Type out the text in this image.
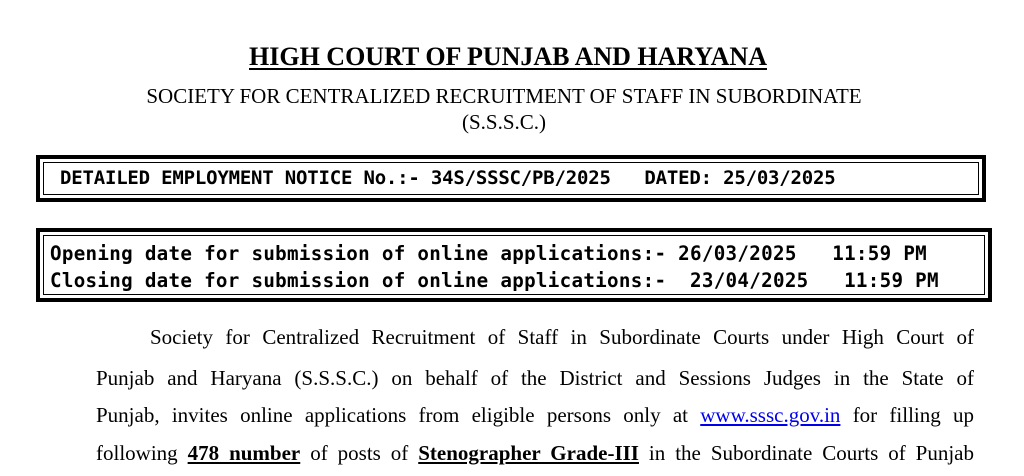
HIGH COURT OF PUNJAB AND HARYANA
SOCIETY FOR CENTRALIZED RECRUITMENT OF STAFF IN SUBORDINATE
(S.S.S.C.)
DETAILED EMPLOYMENT NOTICE No.:- 34S/SSSC/PB/2025   DATED: 25/03/2025
Opening date for submission of online applications:- 26/03/2025   11:59 PM
Closing date for submission of online applications:-  23/04/2025   11:59 PM
Society for Centralized Recruitment of Staff in Subordinate Courts under High Court of
Punjab and Haryana (S.S.S.C.) on behalf of the District and Sessions Judges in the State of
Punjab, invites online applications from eligible persons only at www.sssc.gov.in for filling up
following 478 number of posts of Stenographer Grade-III in the Subordinate Courts of Punjab
